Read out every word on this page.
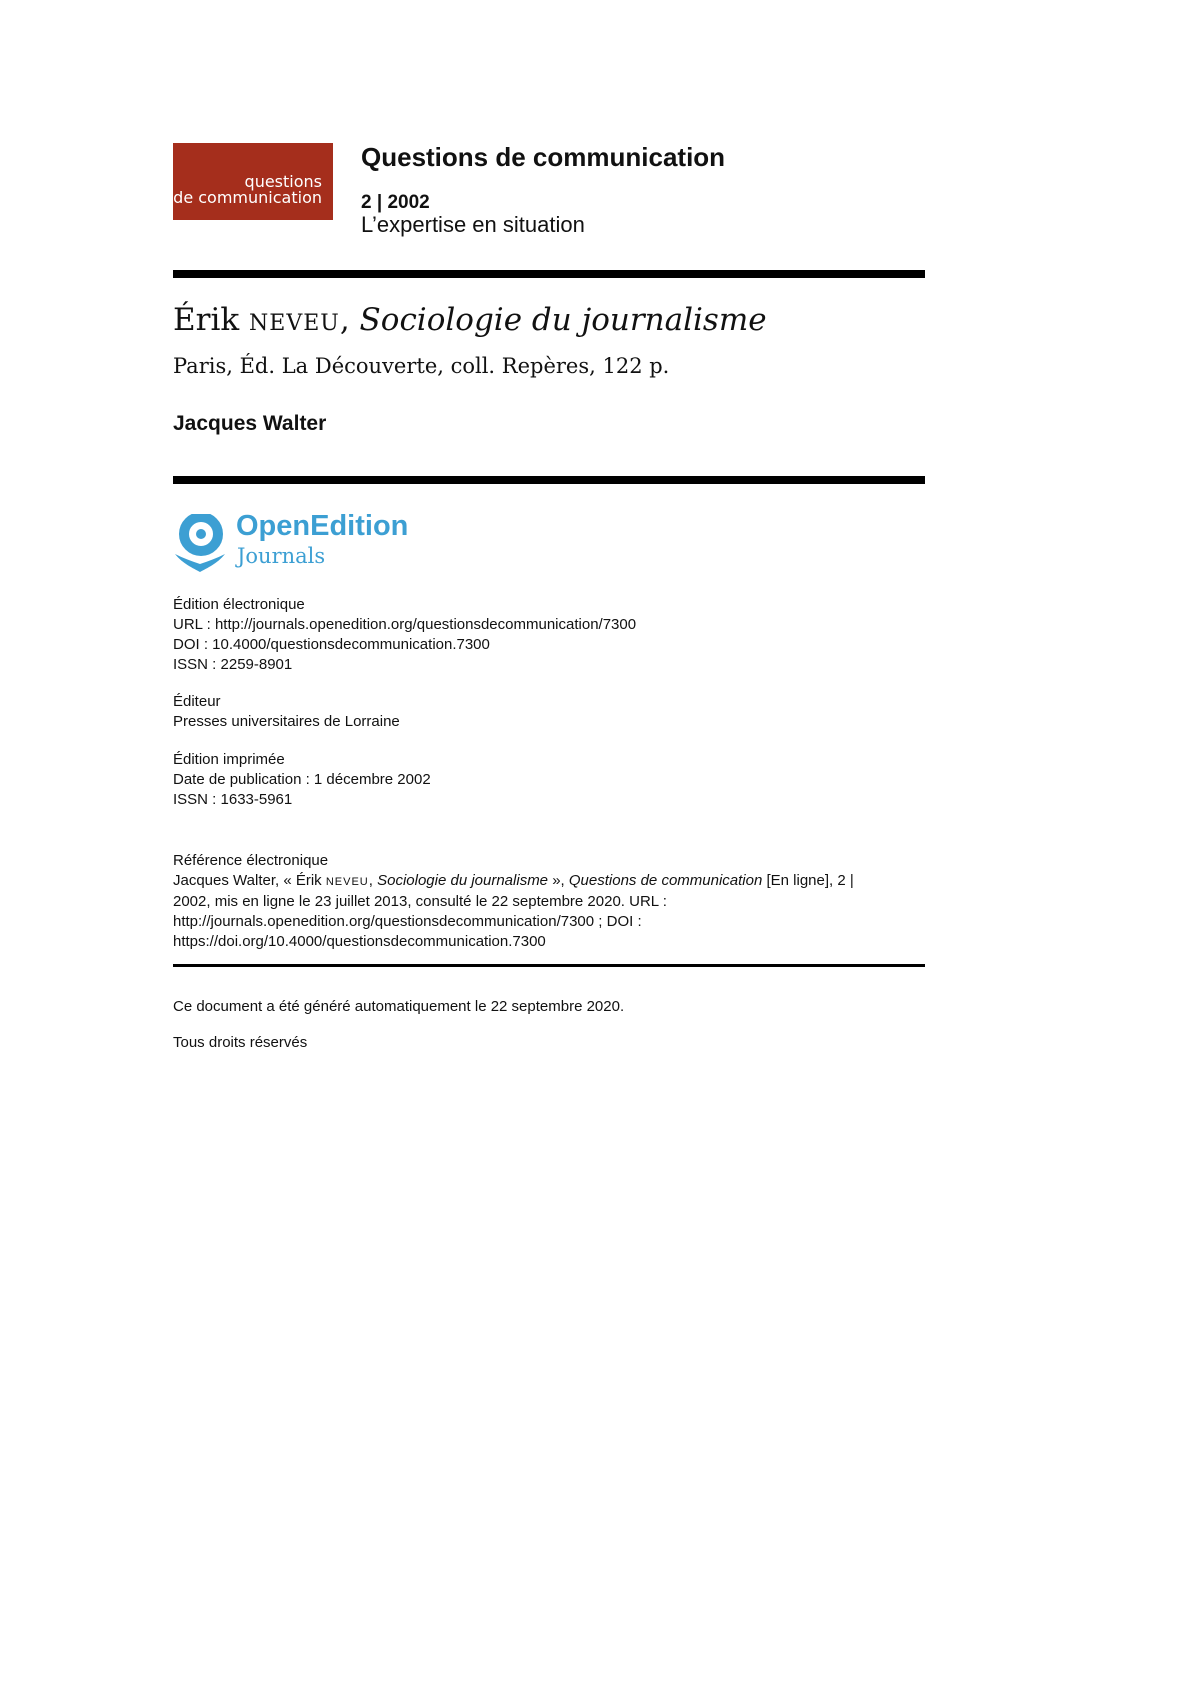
questions
de communication
Questions de communication
2 | 2002
L’expertise en situation
Érik NEVEU, Sociologie du journalisme
Paris, Éd. La Découverte, coll. Repères, 122 p.
Jacques Walter
OpenEdition
Journals
Édition électronique
URL : http://journals.openedition.org/questionsdecommunication/7300
DOI : 10.4000/questionsdecommunication.7300
ISSN : 2259-8901
Éditeur
Presses universitaires de Lorraine
Édition imprimée
Date de publication : 1 décembre 2002
ISSN : 1633-5961
Référence électronique
Jacques Walter, « Érik NEVEU, Sociologie du journalisme », Questions de communication [En ligne], 2 | 2002, mis en ligne le 23 juillet 2013, consulté le 22 septembre 2020. URL : http://journals.openedition.org/questionsdecommunication/7300 ; DOI : https://doi.org/10.4000/questionsdecommunication.7300
Ce document a été généré automatiquement le 22 septembre 2020.
Tous droits réservés
